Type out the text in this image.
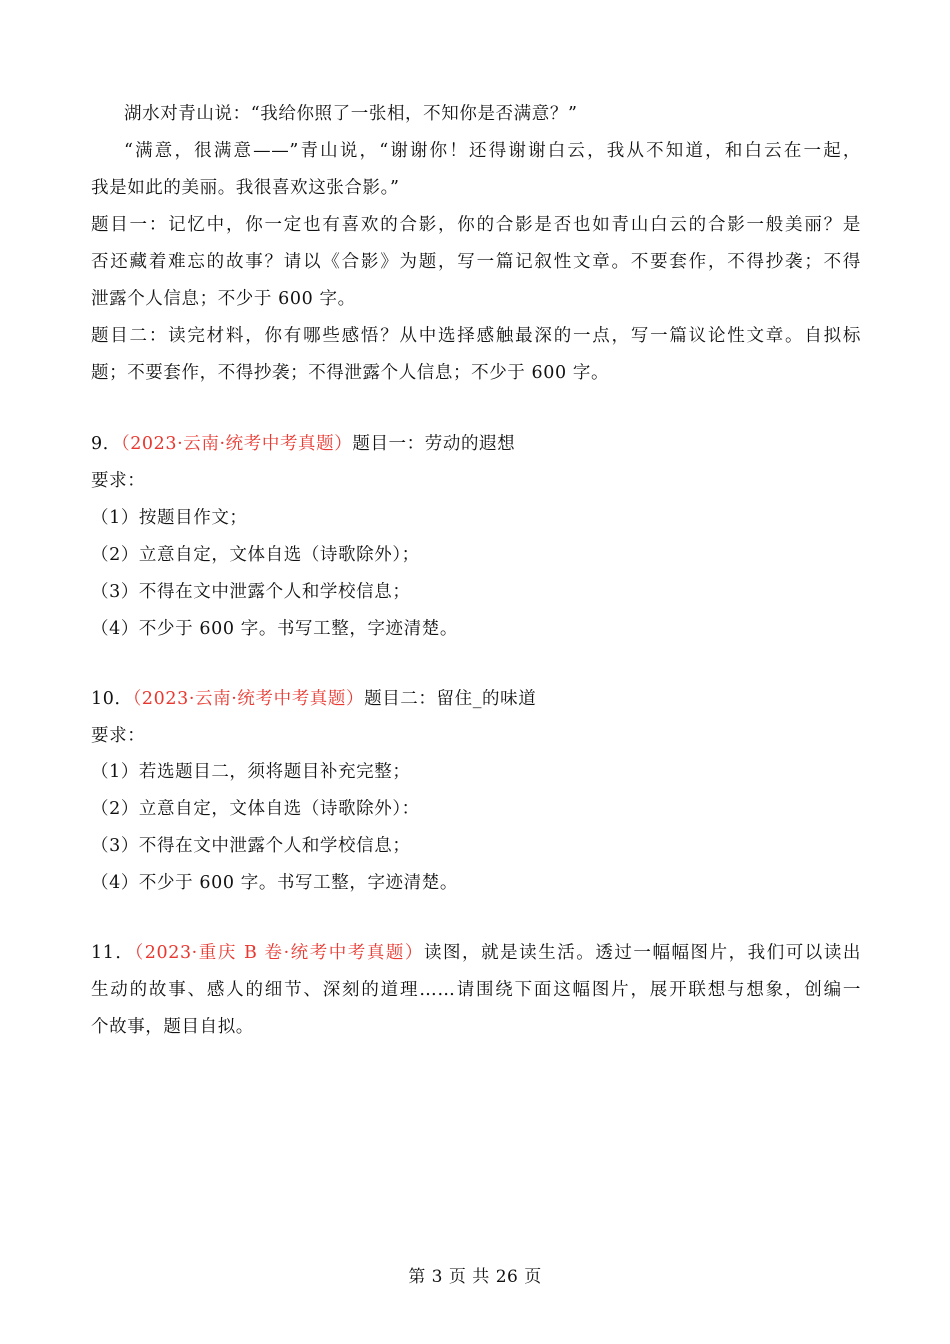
湖水对青山说：“我给你照了一张相，不知你是否满意？”
“满意，很满意——”青山说，“谢谢你！还得谢谢白云，我从不知道，和白云在一起，
我是如此的美丽。我很喜欢这张合影。”
题目一：记忆中，你一定也有喜欢的合影，你的合影是否也如青山白云的合影一般美丽？是
否还藏着难忘的故事？请以《合影》为题，写一篇记叙性文章。不要套作，不得抄袭；不得
泄露个人信息；不少于 600 字。
题目二：读完材料，你有哪些感悟？从中选择感触最深的一点，写一篇议论性文章。自拟标
题；不要套作，不得抄袭；不得泄露个人信息；不少于 600 字。
9．（2023·云南·统考中考真题）题目一：劳动的遐想
要求：
（1）按题目作文；
（2）立意自定，文体自选（诗歌除外）；
（3）不得在文中泄露个人和学校信息；
（4）不少于 600 字。书写工整，字迹清楚。
10．（2023·云南·统考中考真题）题目二：留住_的味道
要求：
（1）若选题目二，须将题目补充完整；
（2）立意自定，文体自选（诗歌除外）：
（3）不得在文中泄露个人和学校信息；
（4）不少于 600 字。书写工整，字迹清楚。
11．（2023·重庆 B 卷·统考中考真题）读图，就是读生活。透过一幅幅图片，我们可以读出
生动的故事、感人的细节、深刻的道理……请围绕下面这幅图片，展开联想与想象，创编一
个故事，题目自拟。
第 3 页 共 26 页
